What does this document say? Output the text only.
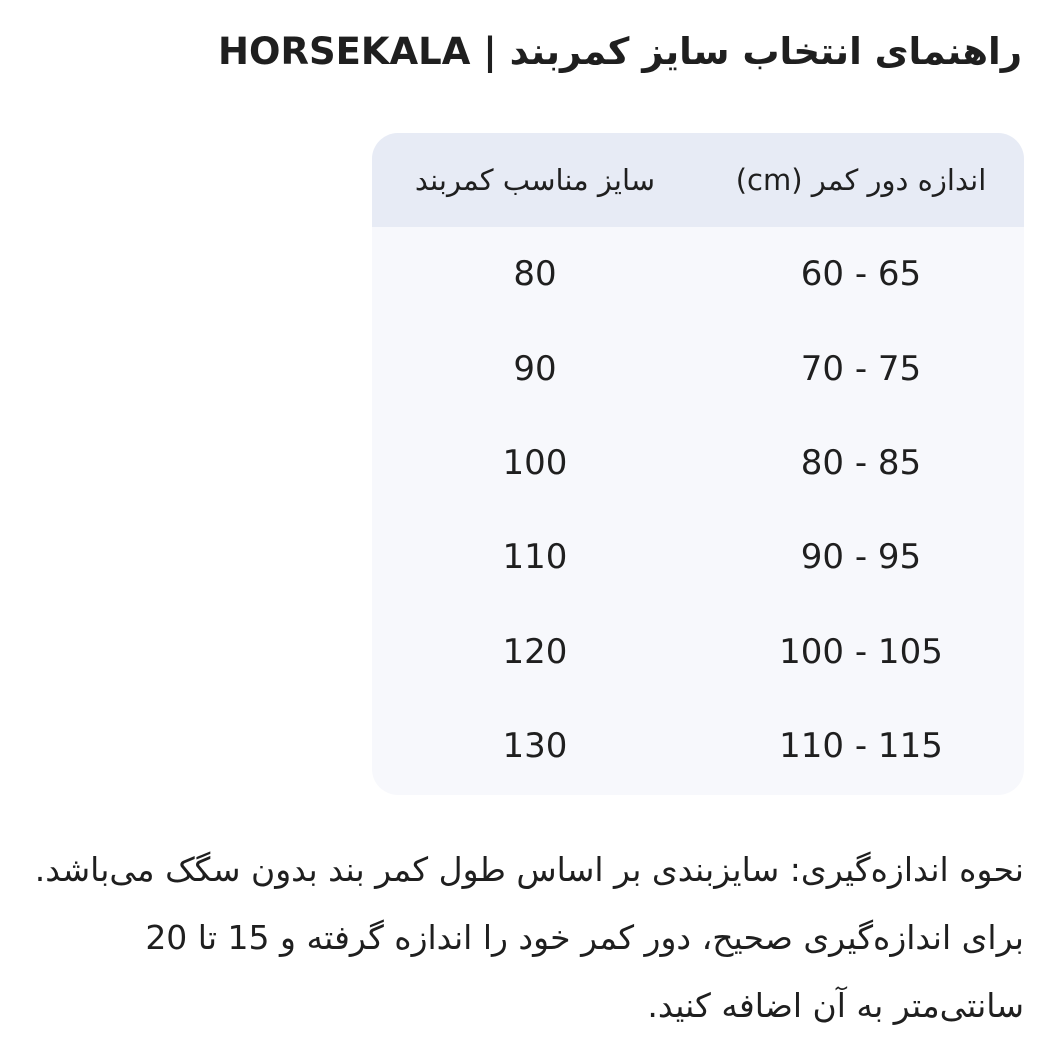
راهنمای انتخاب سایز کمربند | HORSEKALA
اندازه دور کمر (cm)	سایز مناسب کمربند
60 - 65	80
70 - 75	90
80 - 85	100
90 - 95	110
100 - 105	120
110 - 115	130
نحوه اندازه‌گیری: سایزبندی بر اساس طول کمر بند بدون سگک می‌باشد. برای اندازه‌گیری صحیح، دور کمر خود را اندازه گرفته و 15 تا 20 سانتی‌متر به آن اضافه کنید.
